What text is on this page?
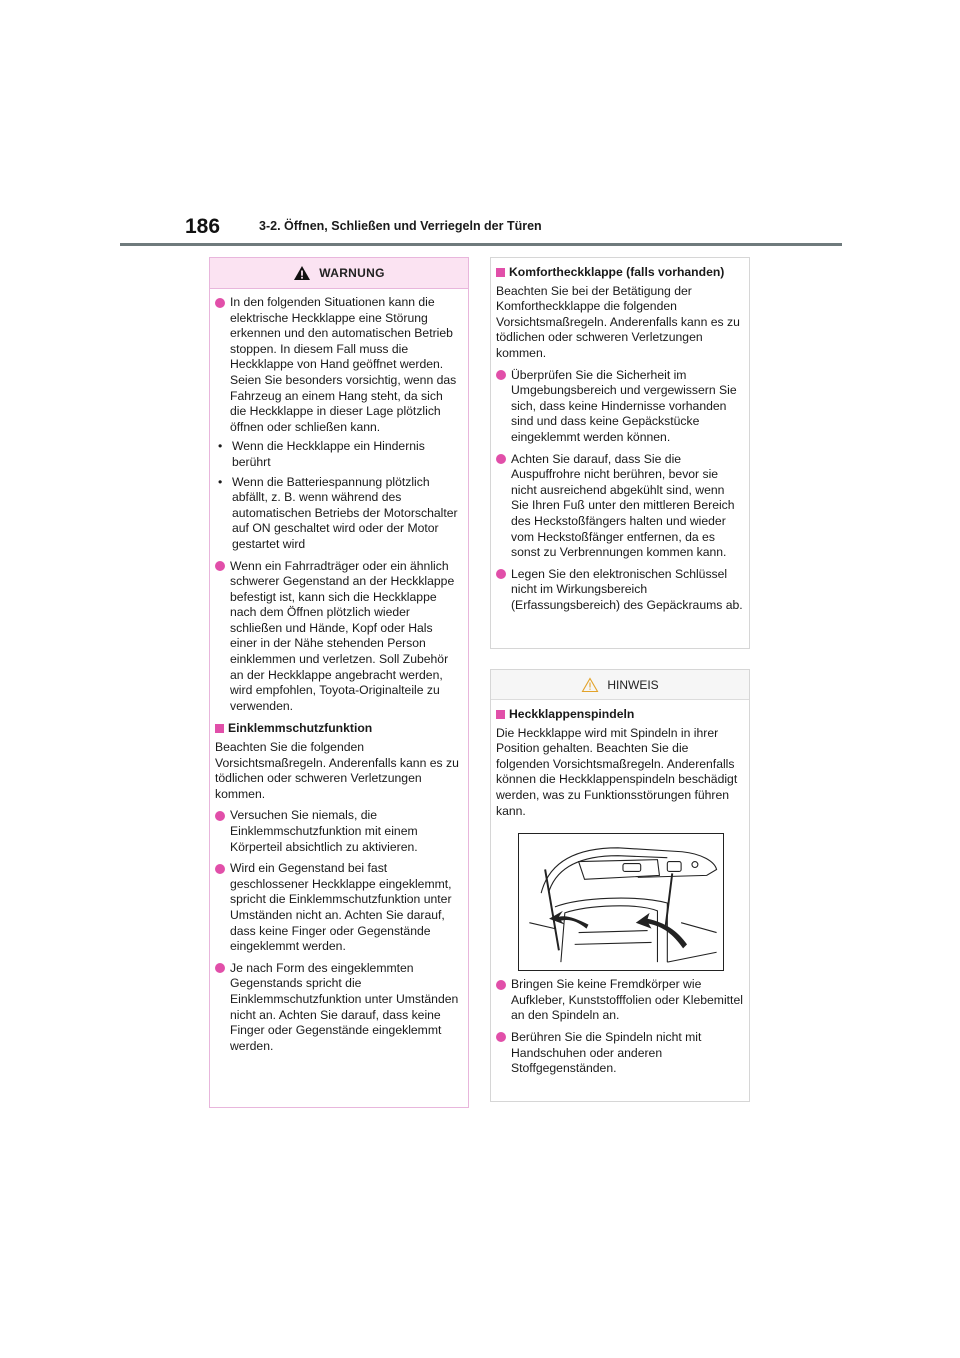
186	3-2. Öffnen, Schließen und Verriegeln der Türen
WARNUNG
In den folgenden Situationen kann die elektrische Heckklappe eine Störung erkennen und den automatischen Betrieb stoppen. In diesem Fall muss die Heckklappe von Hand geöffnet werden. Seien Sie besonders vorsichtig, wenn das Fahrzeug an einem Hang steht, da sich die Heckklappe in dieser Lage plötzlich öffnen oder schließen kann.
• Wenn die Heckklappe ein Hindernis berührt
• Wenn die Batteriespannung plötzlich abfällt, z. B. wenn während des automatischen Betriebs der Motorschalter auf ON geschaltet wird oder der Motor gestartet wird
Wenn ein Fahrradträger oder ein ähnlich schwerer Gegenstand an der Heckklappe befestigt ist, kann sich die Heckklappe nach dem Öffnen plötzlich wieder schließen und Hände, Kopf oder Hals einer in der Nähe stehenden Person einklemmen und verletzen. Soll Zubehör an der Heckklappe angebracht werden, wird empfohlen, Toyota-Originalteile zu verwenden.
Einklemmschutzfunktion
Beachten Sie die folgenden Vorsichtsmaßregeln. Anderenfalls kann es zu tödlichen oder schweren Verletzungen kommen.
Versuchen Sie niemals, die Einklemmschutzfunktion mit einem Körperteil absichtlich zu aktivieren.
Wird ein Gegenstand bei fast geschlossener Heckklappe eingeklemmt, spricht die Einklemmschutzfunktion unter Umständen nicht an. Achten Sie darauf, dass keine Finger oder Gegenstände eingeklemmt werden.
Je nach Form des eingeklemmten Gegenstands spricht die Einklemmschutzfunktion unter Umständen nicht an. Achten Sie darauf, dass keine Finger oder Gegenstände eingeklemmt werden.
Komfortheckklappe (falls vorhanden)
Beachten Sie bei der Betätigung der Komfortheckklappe die folgenden Vorsichtsmaßregeln. Anderenfalls kann es zu tödlichen oder schweren Verletzungen kommen.
Überprüfen Sie die Sicherheit im Umgebungsbereich und vergewissern Sie sich, dass keine Hindernisse vorhanden sind und dass keine Gepäckstücke eingeklemmt werden können.
Achten Sie darauf, dass Sie die Auspuffrohre nicht berühren, bevor sie nicht ausreichend abgekühlt sind, wenn Sie Ihren Fuß unter den mittleren Bereich des Heckstoßfängers halten und wieder vom Heckstoßfänger entfernen, da es sonst zu Verbrennungen kommen kann.
Legen Sie den elektronischen Schlüssel nicht im Wirkungsbereich (Erfassungsbereich) des Gepäckraums ab.
HINWEIS
Heckklappenspindeln
Die Heckklappe wird mit Spindeln in ihrer Position gehalten. Beachten Sie die folgenden Vorsichtsmaßregeln. Anderenfalls können die Heckklappenspindeln beschädigt werden, was zu Funktionsstörungen führen kann.
Bringen Sie keine Fremdkörper wie Aufkleber, Kunststofffolien oder Klebemittel an den Spindeln an.
Berühren Sie die Spindeln nicht mit Handschuhen oder anderen Stoffgegenständen.
